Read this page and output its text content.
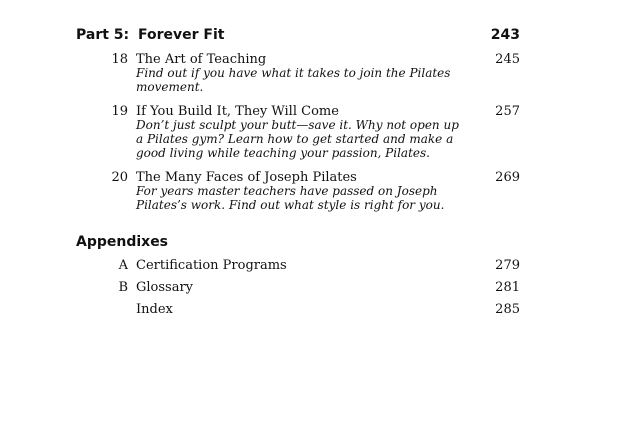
Part 5: Forever Fit	243
18 The Art of Teaching	245
Find out if you have what it takes to join the Pilates movement.
19 If You Build It, They Will Come	257
Don’t just sculpt your butt—save it. Why not open up a Pilates gym? Learn how to get started and make a good living while teaching your passion, Pilates.
20 The Many Faces of Joseph Pilates	269
For years master teachers have passed on Joseph Pilates’s work. Find out what style is right for you.
Appendixes
A Certification Programs	279
B Glossary	281
Index	285
